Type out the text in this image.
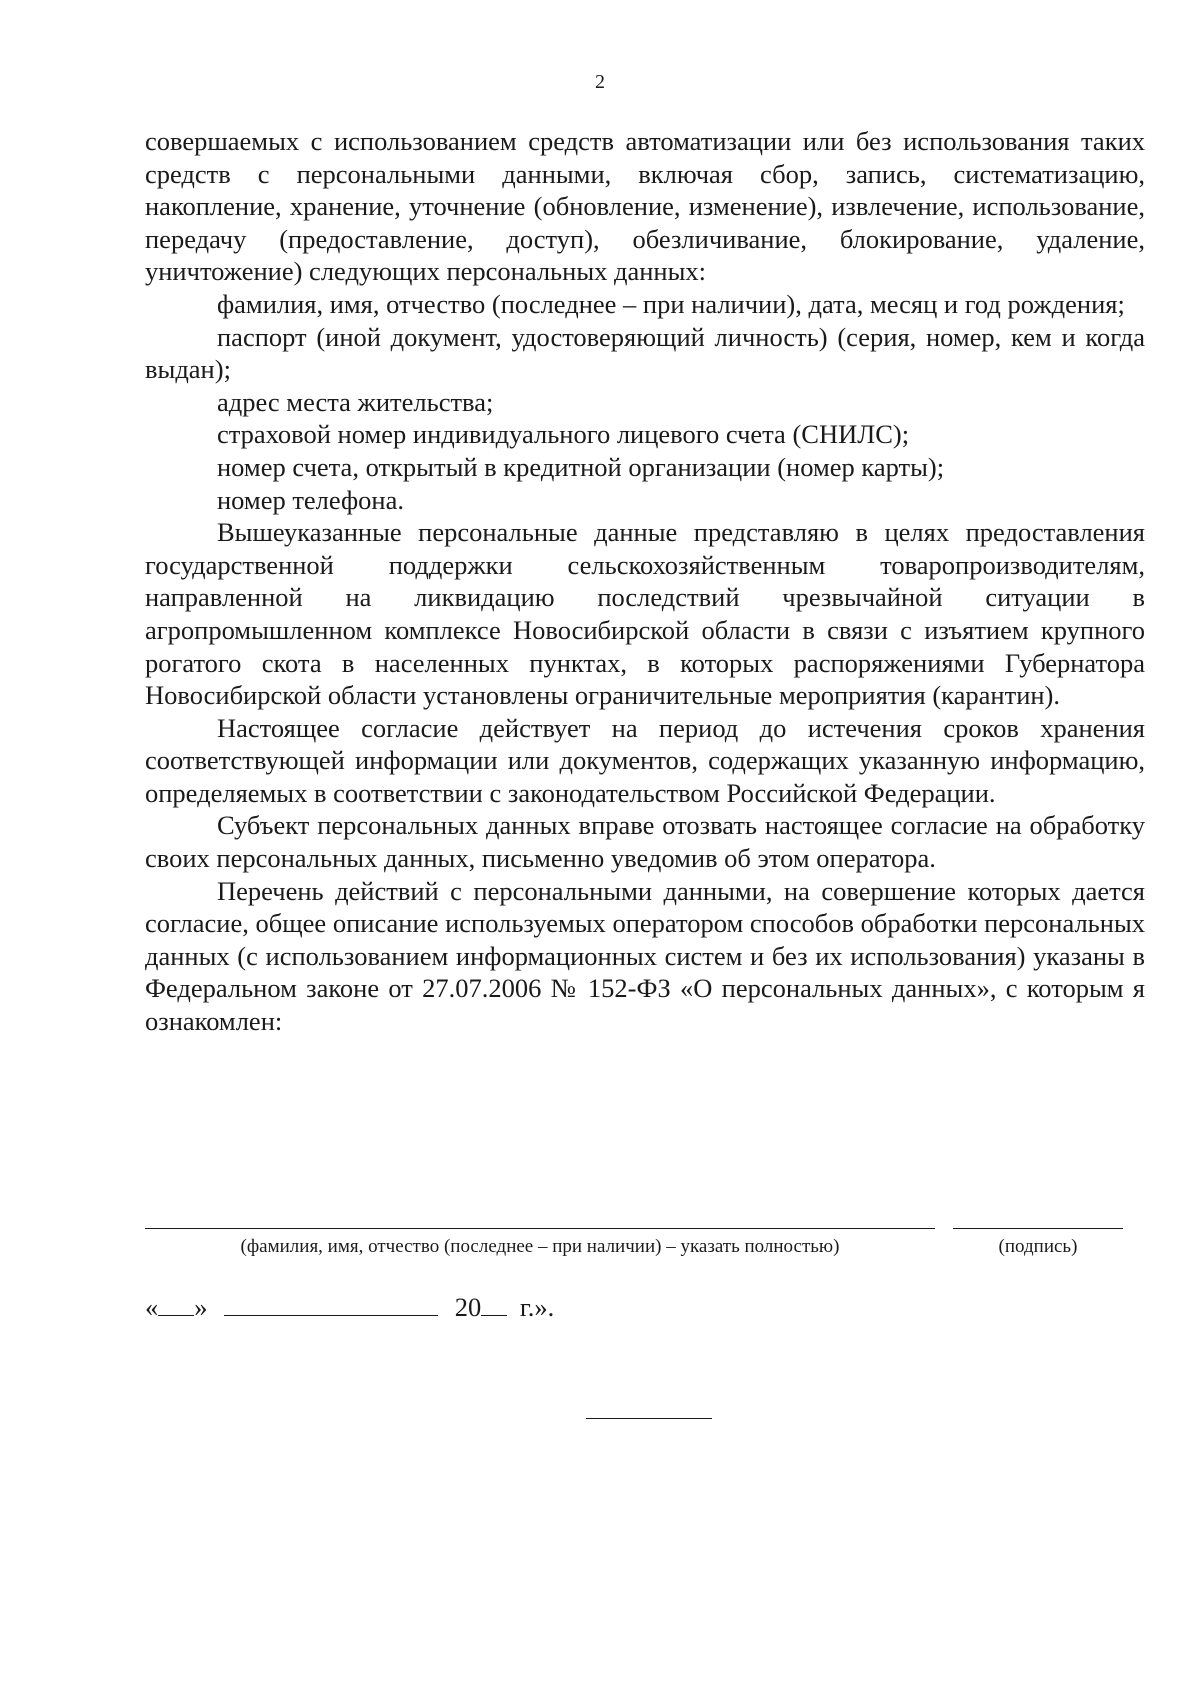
2

совершаемых с использованием средств автоматизации или без использования таких средств с персональными данными, включая сбор, запись, систематизацию, накопление, хранение, уточнение (обновление, изменение), извлечение, использование, передачу (предоставление, доступ), обезличивание, блокирование, удаление, уничтожение) следующих персональных данных:

фамилия, имя, отчество (последнее – при наличии), дата, месяц и год рождения;

паспорт (иной документ, удостоверяющий личность) (серия, номер, кем и когда выдан);

адрес места жительства;

страховой номер индивидуального лицевого счета (СНИЛС);

номер счета, открытый в кредитной организации (номер карты);

номер телефона.

Вышеуказанные персональные данные представляю в целях предоставления государственной поддержки сельскохозяйственным товаропроизводителям, направленной на ликвидацию последствий чрезвычайной ситуации в агропромышленном комплексе Новосибирской области в связи с изъятием крупного рогатого скота в населенных пунктах, в которых распоряжениями Губернатора Новосибирской области установлены ограничительные мероприятия (карантин).

Настоящее согласие действует на период до истечения сроков хранения соответствующей информации или документов, содержащих указанную информацию, определяемых в соответствии с законодательством Российской Федерации.

Субъект персональных данных вправе отозвать настоящее согласие на обработку своих персональных данных, письменно уведомив об этом оператора.

Перечень действий с персональными данными, на совершение которых дается согласие, общее описание используемых оператором способов обработки персональных данных (с использованием информационных систем и без их использования) указаны в Федеральном законе от 27.07.2006 № 152-ФЗ «О персональных данных», с которым я ознакомлен:

(фамилия, имя, отчество (последнее – при наличии) – указать полностью)	(подпись)
« »	20 г.».
